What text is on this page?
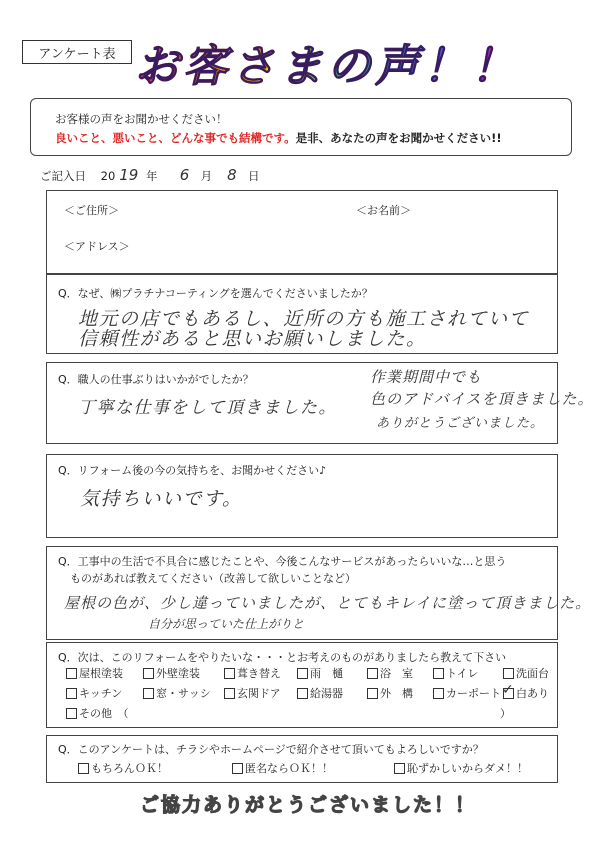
アンケート表 お客さまの声！！
お客様の声をお聞かせください！
良いこと、悪いこと、どんな事でも結構です。是非、あなたの声をお聞かせください!!
ご記入日 20 19 年 6 月 8 日
＜ご住所＞	＜お名前＞
＜アドレス＞
Q．なぜ、㈱プラチナコーティングを選んでくださいましたか？
地元の店でもあるし、近所の方も施工されていて
信頼性があると思いお願いしました。
Q．職人の仕事ぶりはいかがでしたか？
丁寧な仕事をして頂きました。
作業期間中でも
色のアドバイスを頂きました。
ありがとうございました。
Q．リフォーム後の今の気持ちを、お聞かせください♪
気持ちいいです。
Q．工事中の生活で不具合に感じたことや、今後こんなサービスがあったらいいな…と思う
ものがあれば教えてください（改善して欲しいことなど）
屋根の色が、少し違っていましたが、とてもキレイに塗って頂きました。
自分が思っていた仕上がりと
Q．次は、このリフォームをやりたいな・・・とお考えのものがありましたら教えて下さい
屋根塗装	外壁塗装	葺き替え	雨　樋	浴　室	トイレ	洗面台
キッチン	窓・サッシ 玄関ドア	給湯器	外　構	カーポート
✓ 白あり
その他　（	）
Q．このアンケートは、チラシやホームページで紹介させて頂いてもよろしいですか？
もちろんＯＫ！	匿名ならＯＫ！！	恥ずかしいからダメ！！
ご協力ありがとうございました！！
